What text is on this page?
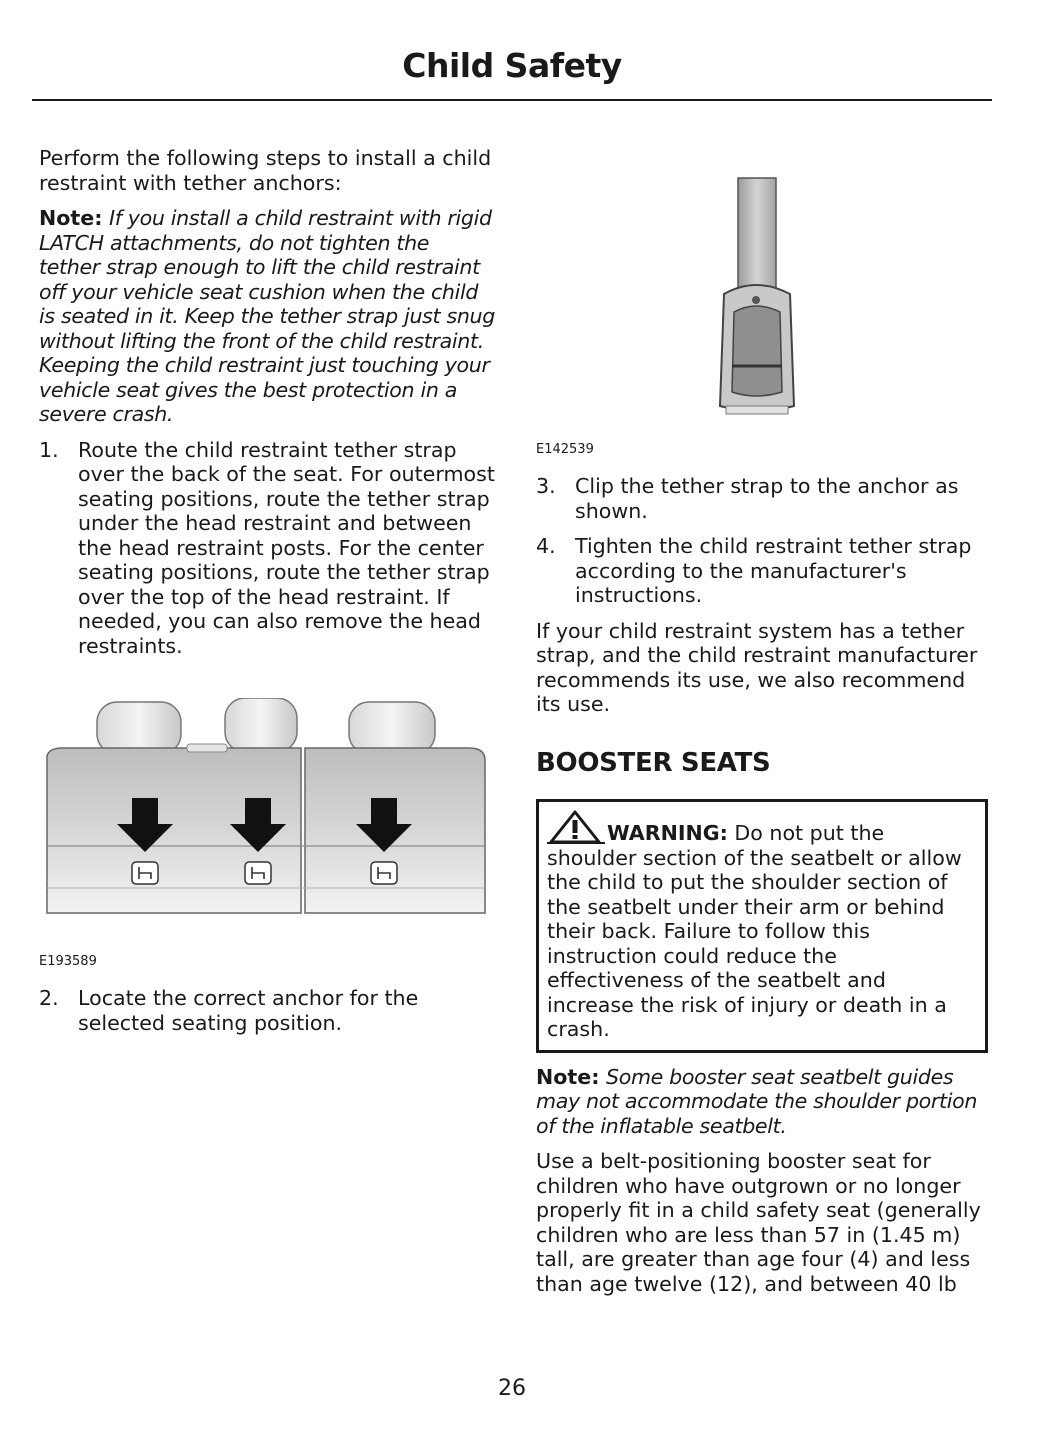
Child Safety

Perform the following steps to install a child restraint with tether anchors:

Note: If you install a child restraint with rigid LATCH attachments, do not tighten the tether strap enough to lift the child restraint off your vehicle seat cushion when the child is seated in it. Keep the tether strap just snug without lifting the front of the child restraint. Keeping the child restraint just touching your vehicle seat gives the best protection in a severe crash.

1. Route the child restraint tether strap over the back of the seat. For outermost seating positions, route the tether strap under the head restraint and between the head restraint posts. For the center seating positions, route the tether strap over the top of the head restraint. If needed, you can also remove the head restraints.
E193589
2. Locate the correct anchor for the selected seating position.
E142539
3. Clip the tether strap to the anchor as shown.
4. Tighten the child restraint tether strap according to the manufacturer's instructions.

If your child restraint system has a tether strap, and the child restraint manufacturer recommends its use, we also recommend its use.

BOOSTER SEATS
WARNING: Do not put the shoulder section of the seatbelt or allow the child to put the shoulder section of the seatbelt under their arm or behind their back. Failure to follow this instruction could reduce the effectiveness of the seatbelt and increase the risk of injury or death in a crash.

Note: Some booster seat seatbelt guides may not accommodate the shoulder portion of the inflatable seatbelt.

Use a belt-positioning booster seat for children who have outgrown or no longer properly fit in a child safety seat (generally children who are less than 57 in (1.45 m) tall, are greater than age four (4) and less than age twelve (12), and between 40 lb

26
